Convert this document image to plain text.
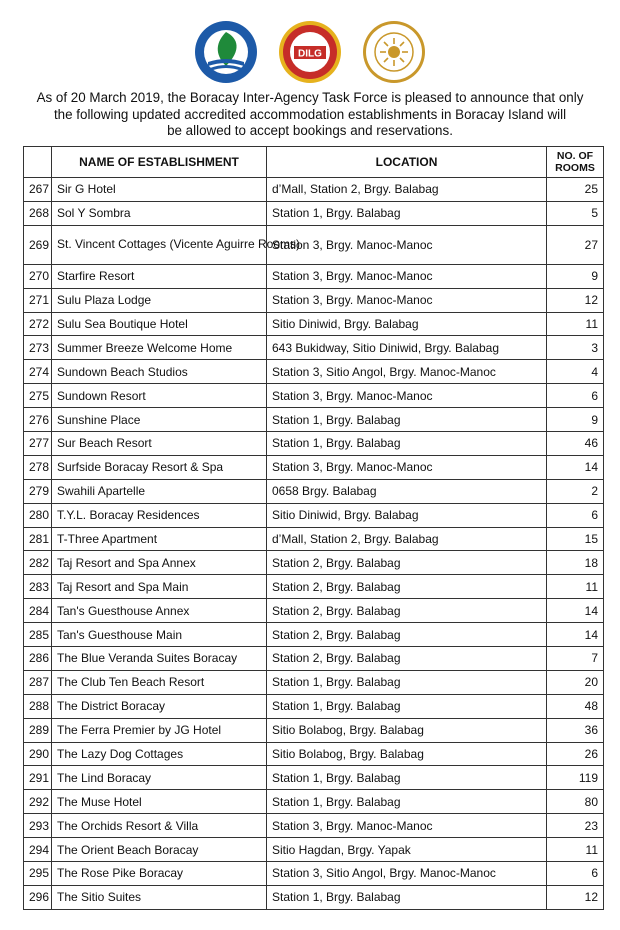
DILG
As of 20 March 2019, the Boracay Inter-Agency Task Force is pleased to announce that only
the following updated accredited accommodation establishments in Boracay Island will
be allowed to accept bookings and reservations.
	NAME OF ESTABLISHMENT	LOCATION	NO. OF
ROOMS

267	Sir G Hotel	d’Mall, Station 2, Brgy. Balabag	25
268	Sol Y Sombra	Station 1, Brgy. Balabag	5
269	St. Vincent Cottages (Vicente Aguirre Rooms)	Station 3, Brgy. Manoc-Manoc	27
270	Starfire Resort	Station 3, Brgy. Manoc-Manoc	9
271	Sulu Plaza Lodge	Station 3, Brgy. Manoc-Manoc	12
272	Sulu Sea Boutique Hotel	Sitio Diniwid, Brgy. Balabag	11
273	Summer Breeze Welcome Home	643 Bukidway, Sitio Diniwid, Brgy. Balabag	3
274	Sundown Beach Studios	Station 3, Sitio Angol, Brgy. Manoc-Manoc	4
275	Sundown Resort	Station 3, Brgy. Manoc-Manoc	6
276	Sunshine Place	Station 1, Brgy. Balabag	9
277	Sur Beach Resort	Station 1, Brgy. Balabag	46
278	Surfside Boracay Resort & Spa	Station 3, Brgy. Manoc-Manoc	14
279	Swahili Apartelle	0658 Brgy. Balabag	2
280	T.Y.L. Boracay Residences	Sitio Diniwid, Brgy. Balabag	6
281	T-Three Apartment	d’Mall, Station 2, Brgy. Balabag	15
282	Taj Resort and Spa Annex	Station 2, Brgy. Balabag	18
283	Taj Resort and Spa Main	Station 2, Brgy. Balabag	11
284	Tan's Guesthouse Annex	Station 2, Brgy. Balabag	14
285	Tan's Guesthouse Main	Station 2, Brgy. Balabag	14
286	The Blue Veranda Suites Boracay	Station 2, Brgy. Balabag	7
287	The Club Ten Beach Resort	Station 1, Brgy. Balabag	20
288	The District Boracay	Station 1, Brgy. Balabag	48
289	The Ferra Premier by JG Hotel	Sitio Bolabog, Brgy. Balabag	36
290	The Lazy Dog Cottages	Sitio Bolabog, Brgy. Balabag	26
291	The Lind Boracay	Station 1, Brgy. Balabag	119
292	The Muse Hotel	Station 1, Brgy. Balabag	80
293	The Orchids Resort & Villa	Station 3, Brgy. Manoc-Manoc	23
294	The Orient Beach Boracay	Sitio Hagdan, Brgy. Yapak	11
295	The Rose Pike Boracay	Station 3, Sitio Angol, Brgy. Manoc-Manoc	6
296	The Sitio Suites	Station 1, Brgy. Balabag	12
